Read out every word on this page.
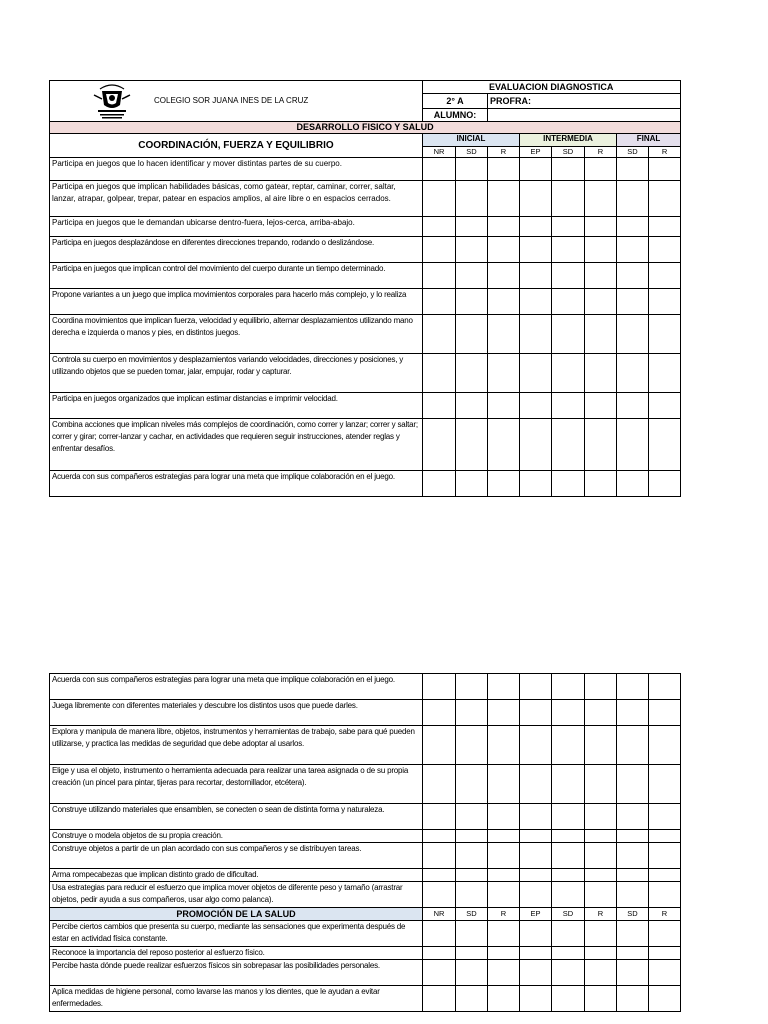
COLEGIO SOR JUANA INES DE LA CRUZ	EVALUACION DIAGNOSTICA							
	2° A		PROFRA:					
	ALUMNO:							
DESARROLLO FISICO Y SALUD								
COORDINACIÓN, FUERZA Y EQUILIBRIO	INICIAL			INTERMEDIA			FINAL	
	NR	SD	R	EP	SD	R	SD	R
Participa en juegos que lo hacen identificar y mover distintas partes de su cuerpo.								
Participa en juegos que implican habilidades básicas, como gatear, reptar, caminar, correr, saltar, lanzar, atrapar, golpear, trepar, patear en espacios amplios, al aire libre o en espacios cerrados.								
Participa en juegos que le demandan ubicarse dentro-fuera, lejos-cerca, arriba-abajo.								
Participa en juegos desplazándose en diferentes direcciones trepando, rodando o deslizándose.								
Participa en juegos que implican control del movimiento del cuerpo durante un tiempo determinado.								
Propone variantes a un juego que implica movimientos corporales para hacerlo más complejo, y lo realiza								
Coordina movimientos que implican fuerza, velocidad y equilibrio, alternar desplazamientos utilizando mano derecha e izquierda o manos y pies, en distintos juegos.								
Controla su cuerpo en movimientos y desplazamientos variando velocidades, direcciones y posiciones, y utilizando objetos que se pueden tomar, jalar, empujar, rodar y capturar.								
Participa en juegos organizados que implican estimar distancias e imprimir velocidad.								
Combina acciones que implican niveles más complejos de coordinación, como correr y lanzar; correr y saltar; correr y girar; correr-lanzar y cachar, en actividades que requieren seguir instrucciones, atender reglas y enfrentar desafíos.								
Acuerda con sus compañeros estrategias para lograr una meta que implique colaboración en el juego.								
Acuerda con sus compañeros estrategias para lograr una meta que implique colaboración en el juego.								
Juega libremente con diferentes materiales y descubre los distintos usos que puede darles.								
Explora y manipula de manera libre, objetos, instrumentos y herramientas de trabajo, sabe para qué pueden utilizarse, y practica las medidas de seguridad que debe adoptar al usarlos.								
Elige y usa el objeto, instrumento o herramienta adecuada para realizar una tarea asignada o de su propia creación (un pincel para pintar, tijeras para recortar, destornillador, etcétera).								
Construye utilizando materiales que ensamblen, se conecten o sean de distinta forma y naturaleza.								
Construye o modela objetos de su propia creación.								
Construye objetos a partir de un plan acordado con sus compañeros y se distribuyen tareas.								
Arma rompecabezas que implican distinto grado de dificultad.								
Usa estrategias para reducir el esfuerzo que implica mover objetos de diferente peso y tamaño (arrastrar objetos, pedir ayuda a sus compañeros, usar algo como palanca).								
PROMOCIÓN DE LA SALUD	NR	SD	R	EP	SD	R	SD	R
Percibe ciertos cambios que presenta su cuerpo, mediante las sensaciones que experimenta después de estar en actividad física constante.								
Reconoce la importancia del reposo posterior al esfuerzo físico.								
Percibe hasta dónde puede realizar esfuerzos físicos sin sobrepasar las posibilidades personales.								
Aplica medidas de higiene personal, como lavarse las manos y los dientes, que le ayudan a evitar enfermedades.								
